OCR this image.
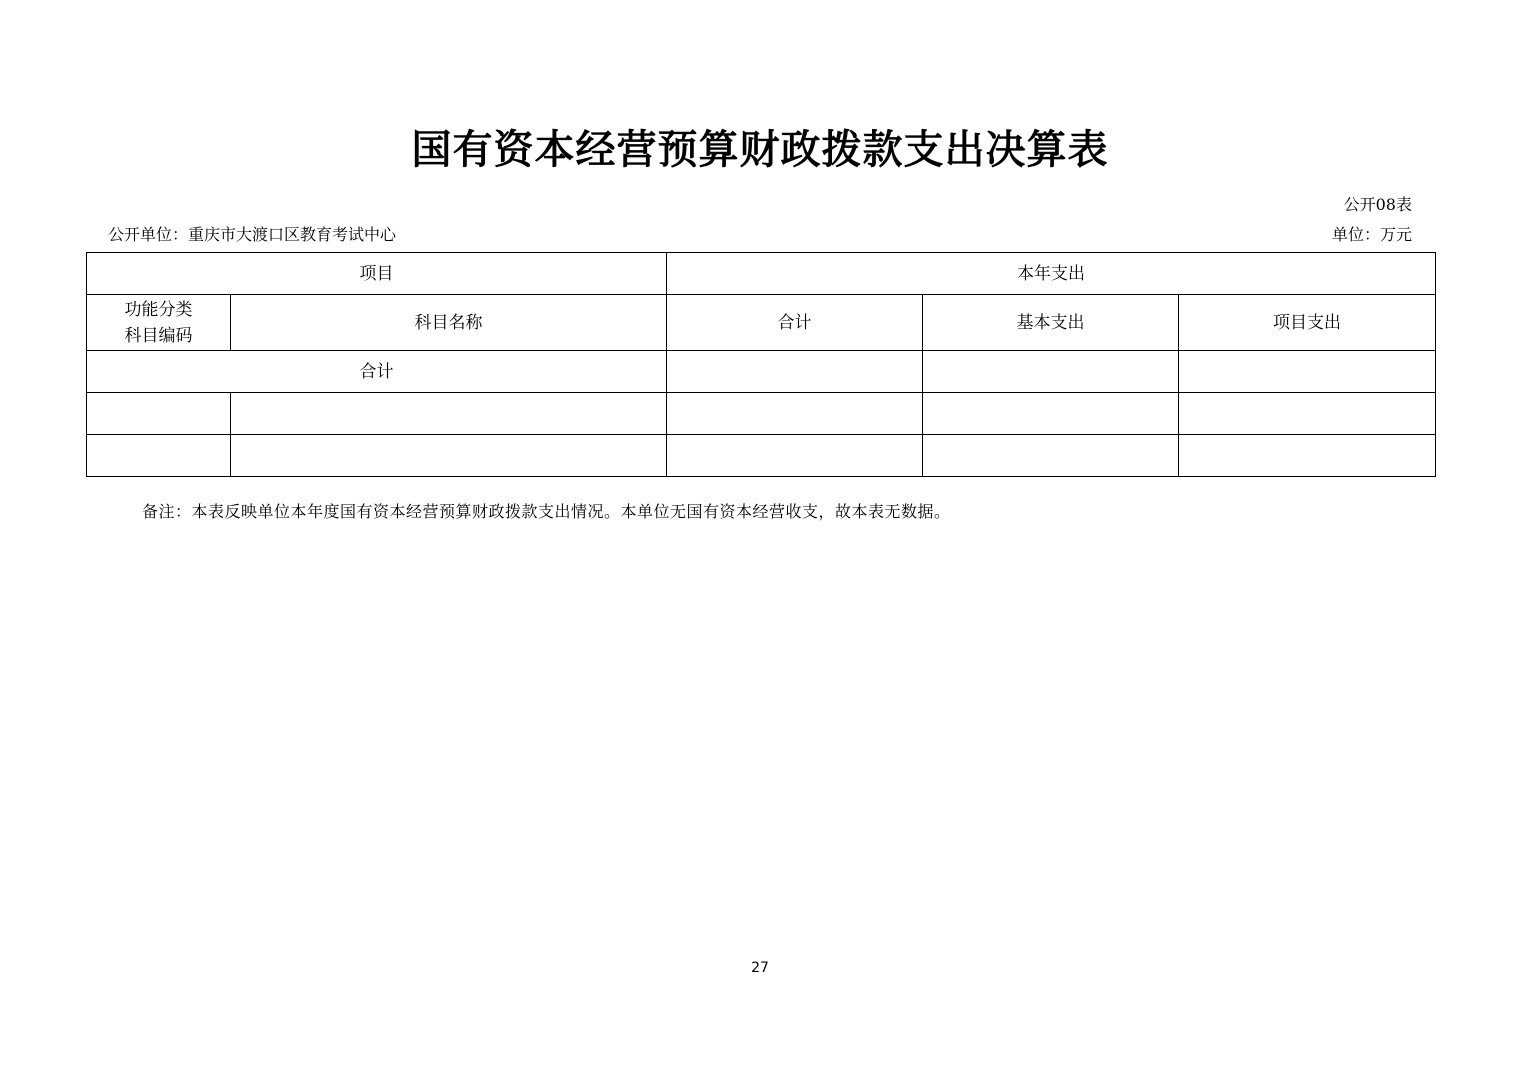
国有资本经营预算财政拨款支出决算表
公开08表
公开单位：重庆市大渡口区教育考试中心	单位：万元
项目		本年支出		

功能分类
科目编码	科目名称	合计	基本支出	项目支出
合计				

备注：本表反映单位本年度国有资本经营预算财政拨款支出情况。本单位无国有资本经营收支，故本表无数据。
27
